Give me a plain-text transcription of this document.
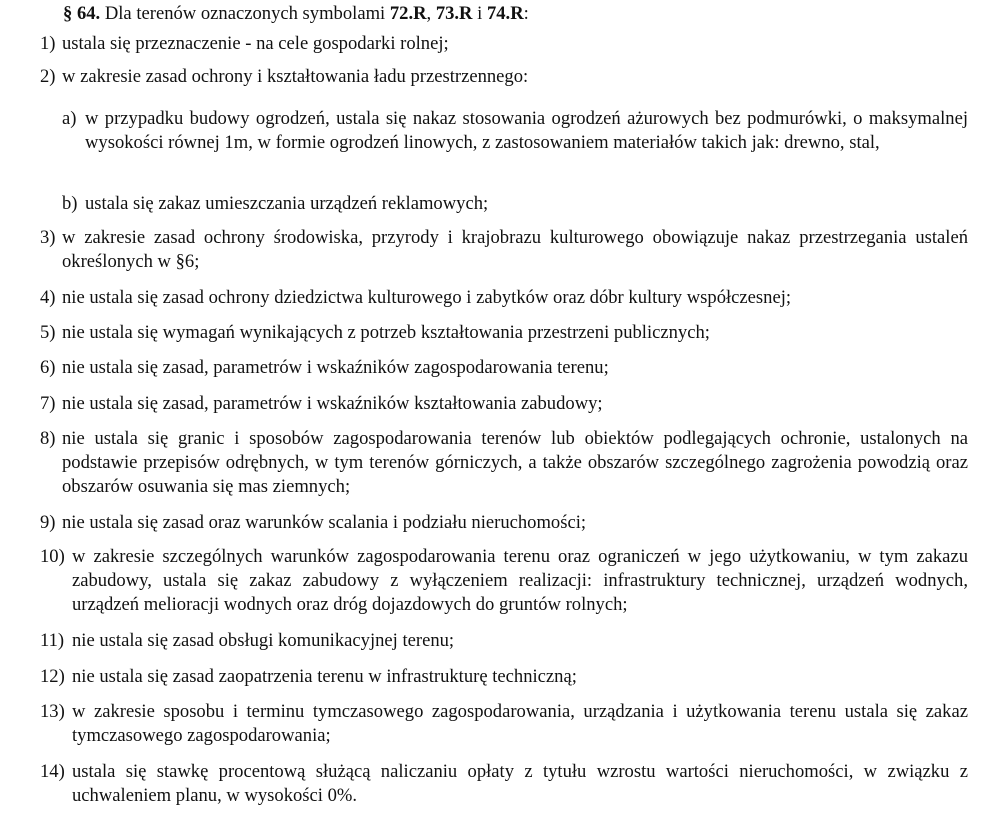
§ 64. Dla terenów oznaczonych symbolami 72.R, 73.R i 74.R:
1) ustala się przeznaczenie - na cele gospodarki rolnej;
2) w zakresie zasad ochrony i kształtowania ładu przestrzennego:
a) w przypadku budowy ogrodzeń, ustala się nakaz stosowania ogrodzeń ażurowych bez podmurówki, o maksymalnej wysokości równej 1m, w formie ogrodzeń linowych, z zastosowaniem materiałów takich jak: drewno, stal,
b) ustala się zakaz umieszczania urządzeń reklamowych;
3) w zakresie zasad ochrony środowiska, przyrody i krajobrazu kulturowego obowiązuje nakaz przestrzegania ustaleń określonych w §6;
4) nie ustala się zasad ochrony dziedzictwa kulturowego i zabytków oraz dóbr kultury współczesnej;
5) nie ustala się wymagań wynikających z potrzeb kształtowania przestrzeni publicznych;
6) nie ustala się zasad, parametrów i wskaźników zagospodarowania terenu;
7) nie ustala się zasad, parametrów i wskaźników kształtowania zabudowy;
8) nie ustala się granic i sposobów zagospodarowania terenów lub obiektów podlegających ochronie, ustalonych na podstawie przepisów odrębnych, w tym terenów górniczych, a także obszarów szczególnego zagrożenia powodzią oraz obszarów osuwania się mas ziemnych;
9) nie ustala się zasad oraz warunków scalania i podziału nieruchomości;
10) w zakresie szczególnych warunków zagospodarowania terenu oraz ograniczeń w jego użytkowaniu, w tym zakazu zabudowy, ustala się zakaz zabudowy z wyłączeniem realizacji: infrastruktury technicznej, urządzeń wodnych, urządzeń melioracji wodnych oraz dróg dojazdowych do gruntów rolnych;
11) nie ustala się zasad obsługi komunikacyjnej terenu;
12) nie ustala się zasad zaopatrzenia terenu w infrastrukturę techniczną;
13) w zakresie sposobu i terminu tymczasowego zagospodarowania, urządzania i użytkowania terenu ustala się zakaz tymczasowego zagospodarowania;
14) ustala się stawkę procentową służącą naliczaniu opłaty z tytułu wzrostu wartości nieruchomości, w związku z uchwaleniem planu, w wysokości 0%.
